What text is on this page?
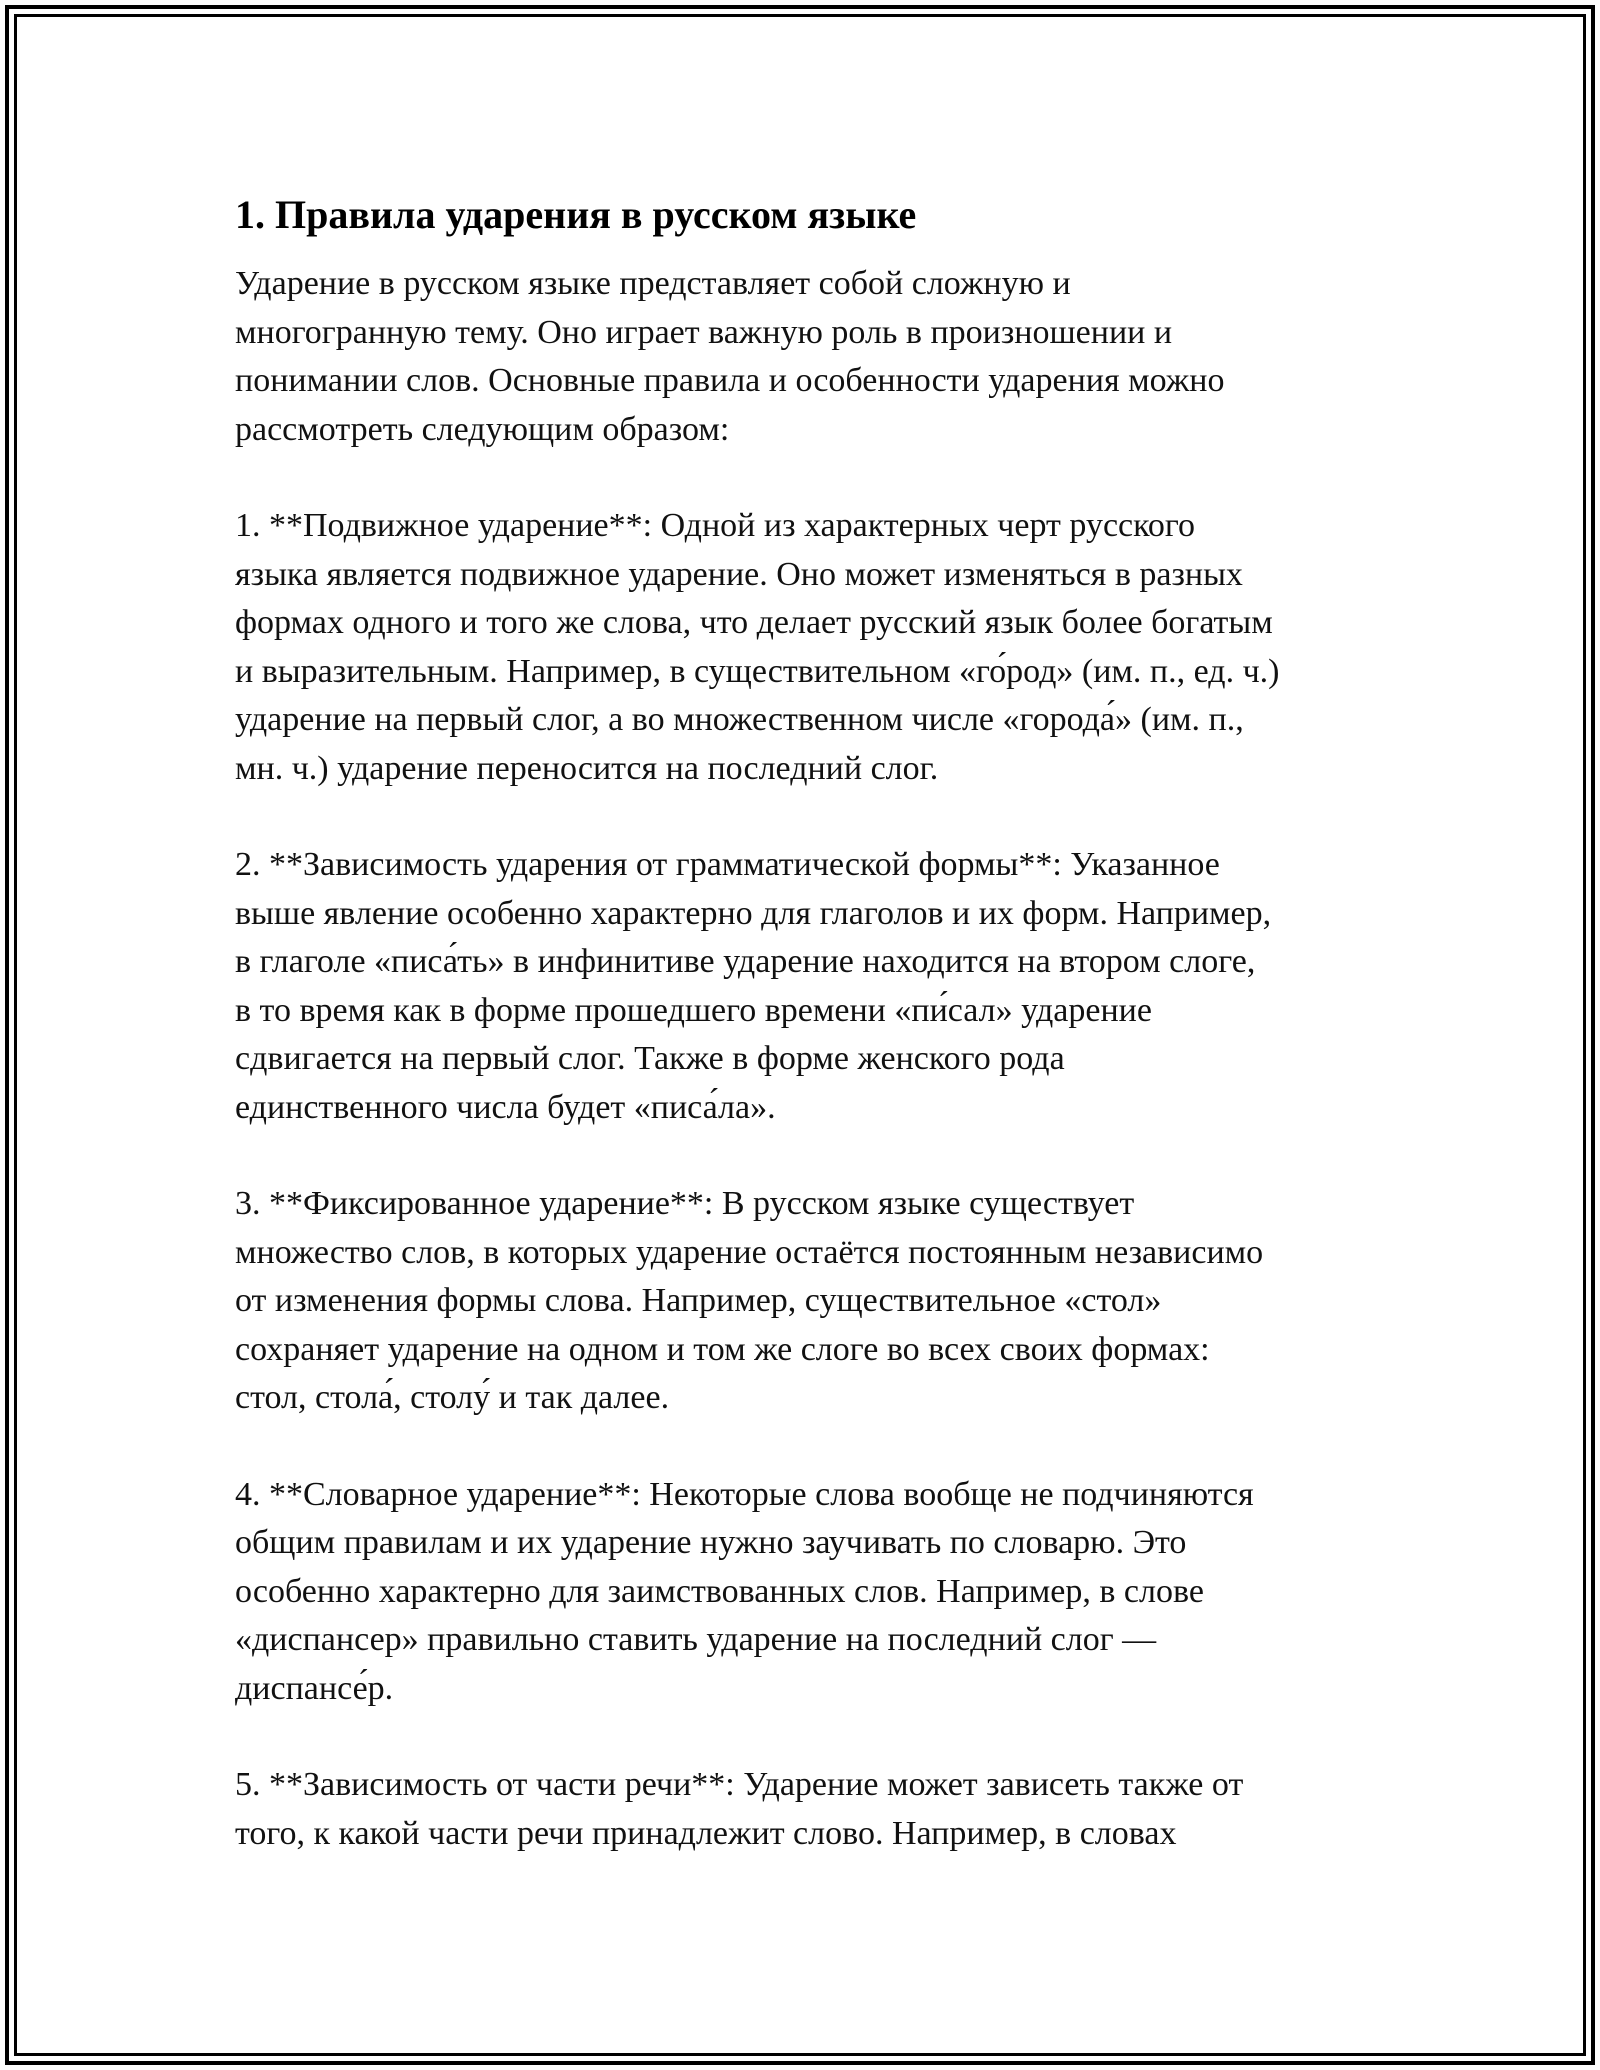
1. Правила ударения в русском языке

Ударение в русском языке представляет собой сложную и
многогранную тему. Оно играет важную роль в произношении и
понимании слов. Основные правила и особенности ударения можно
рассмотреть следующим образом:

1. **Подвижное ударение**: Одной из характерных черт русского
языка является подвижное ударение. Оно может изменяться в разных
формах одного и того же слова, что делает русский язык более богатым
и выразительным. Например, в существительном «го́род» (им. п., ед. ч.)
ударение на первый слог, а во множественном числе «города́» (им. п.,
мн. ч.) ударение переносится на последний слог.

2. **Зависимость ударения от грамматической формы**: Указанное
выше явление особенно характерно для глаголов и их форм. Например,
в глаголе «писа́ть» в инфинитиве ударение находится на втором слоге,
в то время как в форме прошедшего времени «пи́сал» ударение
сдвигается на первый слог. Также в форме женского рода
единственного числа будет «писа́ла».

3. **Фиксированное ударение**: В русском языке существует
множество слов, в которых ударение остаётся постоянным независимо
от изменения формы слова. Например, существительное «стол»
сохраняет ударение на одном и том же слоге во всех своих формах:
стол, стола́, столу́ и так далее.

4. **Словарное ударение**: Некоторые слова вообще не подчиняются
общим правилам и их ударение нужно заучивать по словарю. Это
особенно характерно для заимствованных слов. Например, в слове
«диспансер» правильно ставить ударение на последний слог —
диспансе́р.

5. **Зависимость от части речи**: Ударение может зависеть также от
того, к какой части речи принадлежит слово. Например, в словах
